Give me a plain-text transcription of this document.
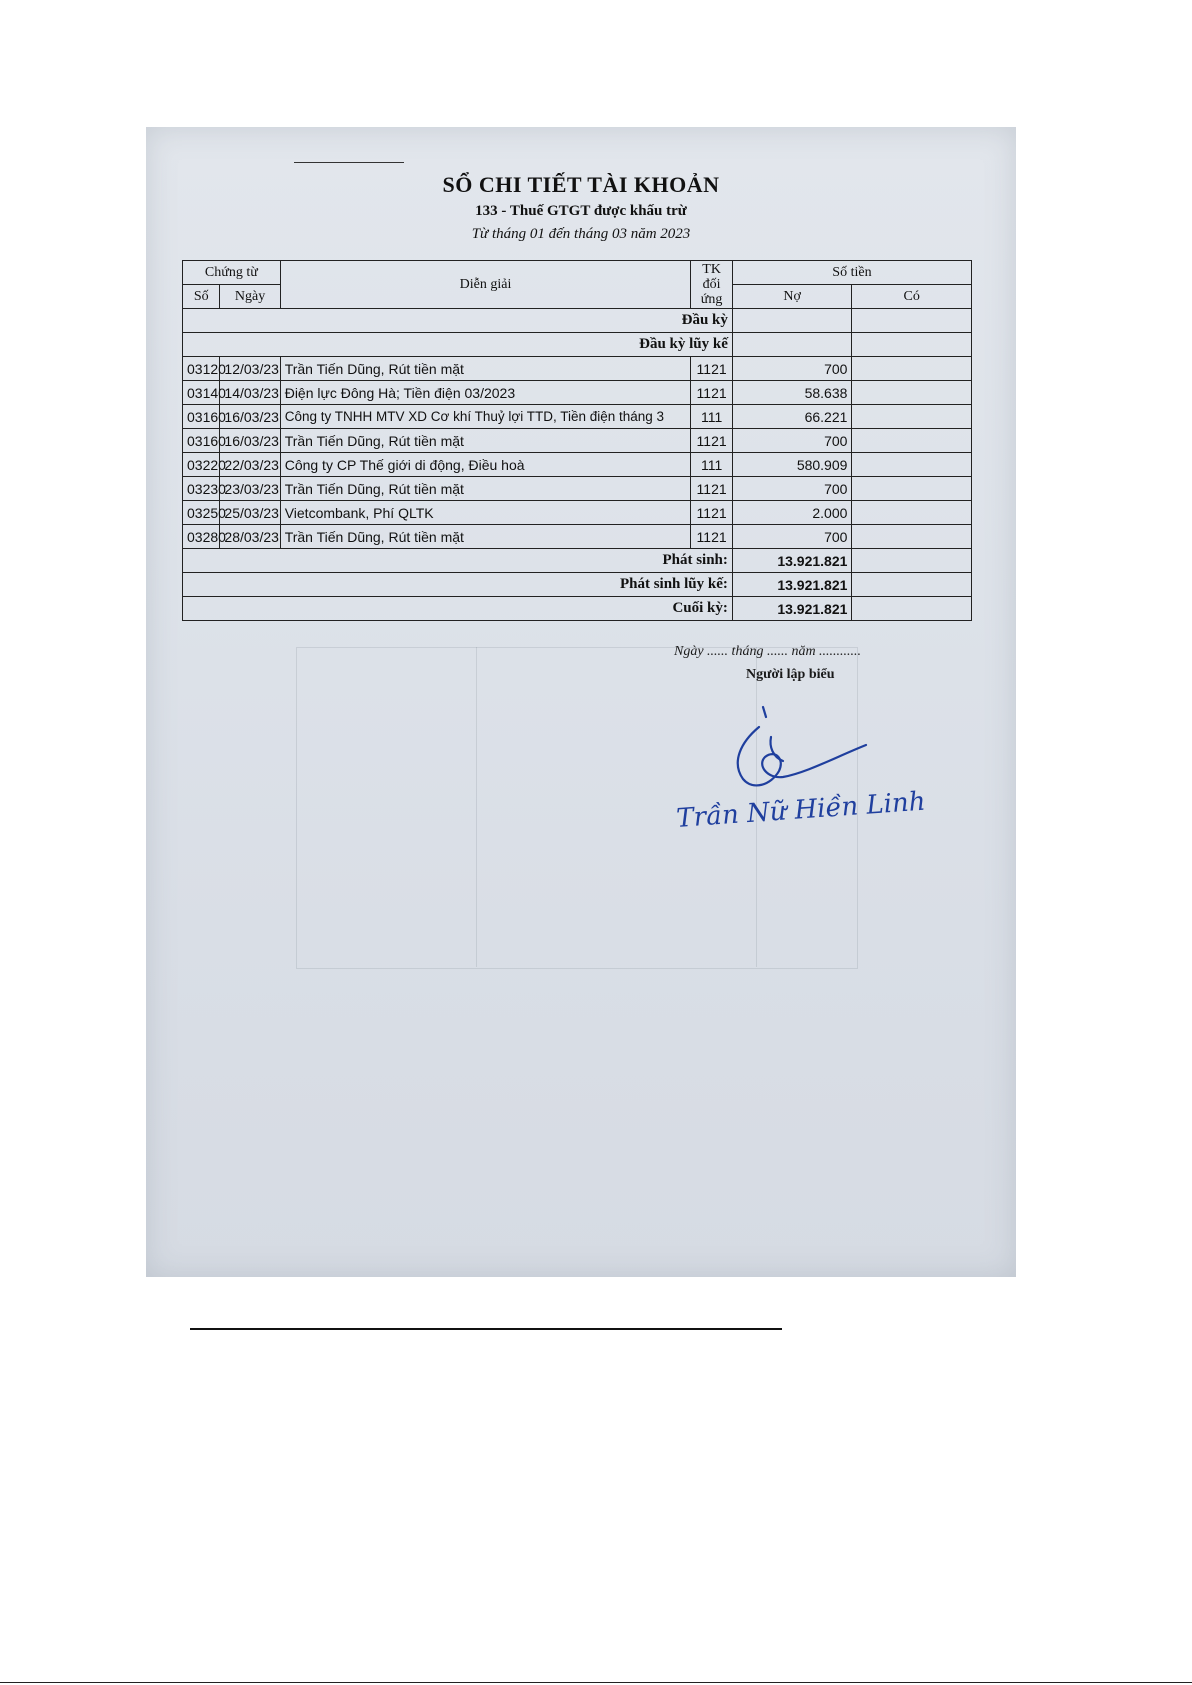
SỔ CHI TIẾT TÀI KHOẢN
133 - Thuế GTGT được khấu trừ
Từ tháng 01 đến tháng 03 năm 2023
Chứng từ		Diễn giải	TK đối ứng	Số tiền	
Số	Ngày			Nợ	Có
Đầu kỳ					
Đầu kỳ lũy kế					
03120	12/03/23	Trần Tiến Dũng, Rút tiền mặt	1121	700	
03140	14/03/23	Điện lực Đông Hà; Tiền điện 03/2023	1121	58.638	
03160	16/03/23	Công ty TNHH MTV XD Cơ khí Thuỷ lợi TTD, Tiền điện tháng 3	111	66.221	
03160	16/03/23	Trần Tiến Dũng, Rút tiền mặt	1121	700	
03220	22/03/23	Công ty CP Thế giới di động, Điều hoà	111	580.909	
03230	23/03/23	Trần Tiến Dũng, Rút tiền mặt	1121	700	
03250	25/03/23	Vietcombank, Phí QLTK	1121	2.000	
03280	28/03/23	Trần Tiến Dũng, Rút tiền mặt	1121	700	
Phát sinh:				13.921.821	
Phát sinh lũy kế:				13.921.821	
Cuối kỳ:				13.921.821	
Ngày ...... tháng ...... năm ............
Người lập biểu
Trần Nữ Hiền Linh
